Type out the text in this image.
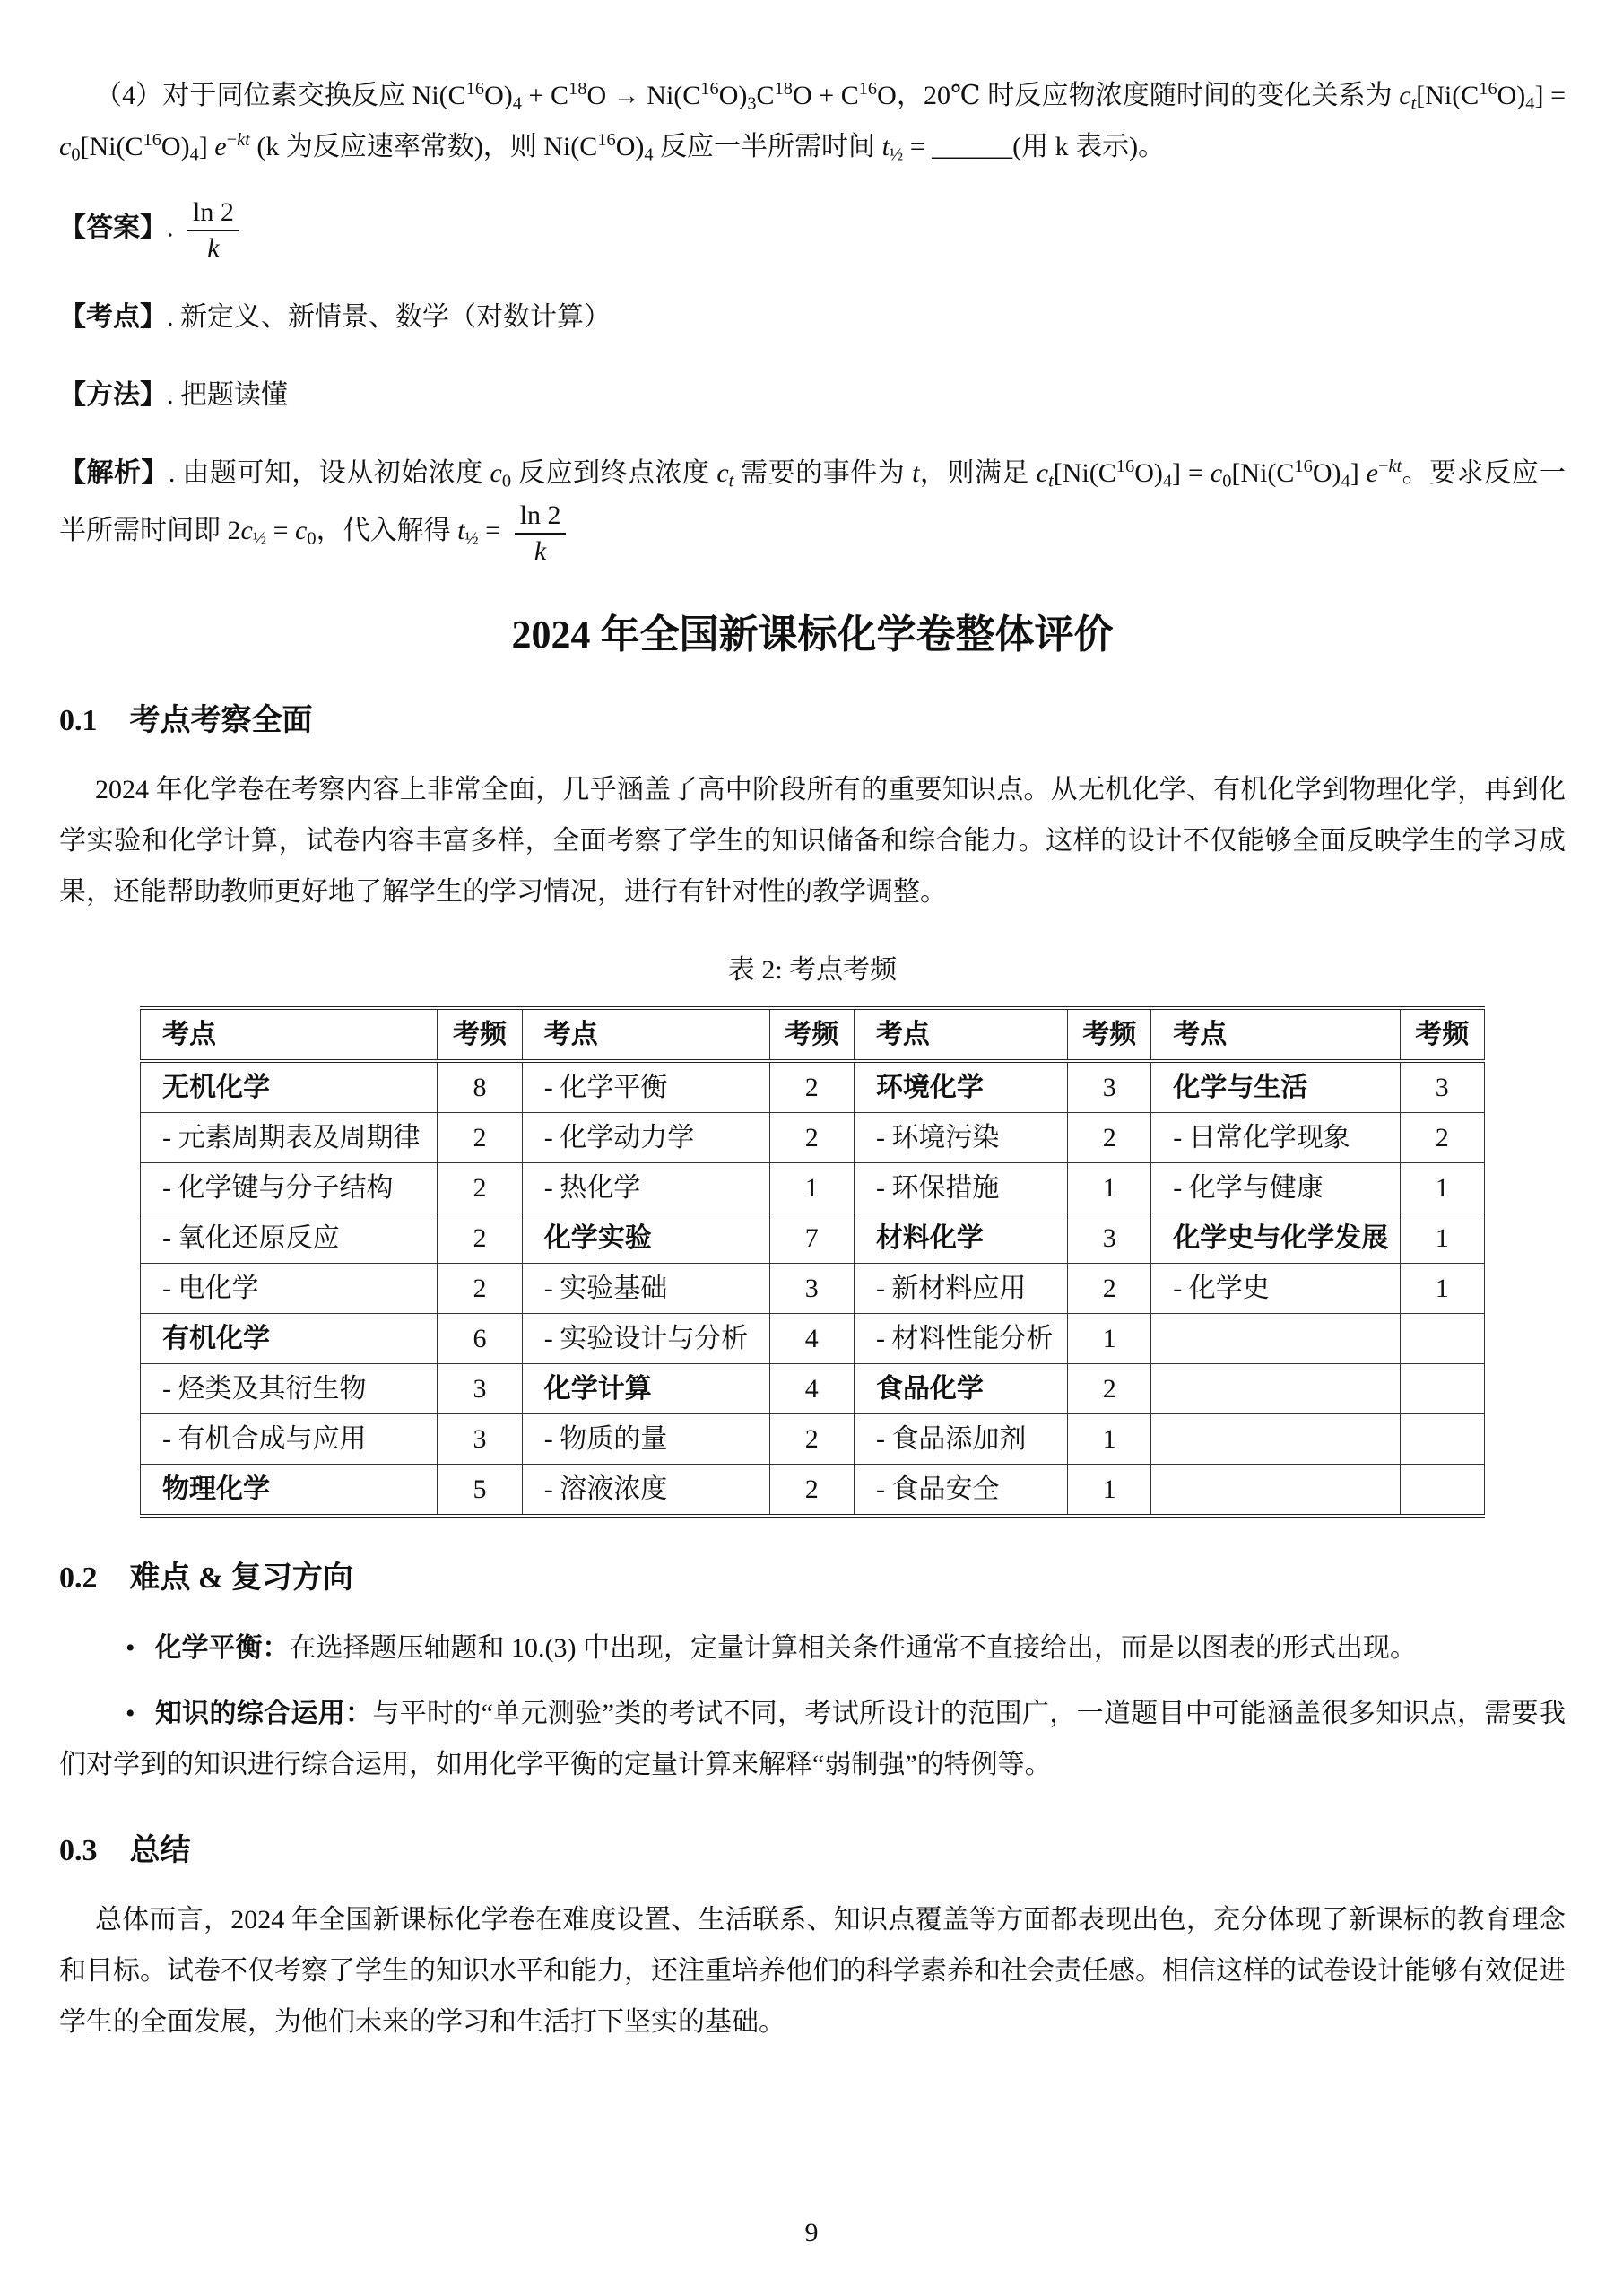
（4）对于同位素交换反应 $Ni(C^{16}O)_4 + C^{18}O \to Ni(C^{16}O)_3C^{18}O + C^{16}O$，20℃ 时反应物浓度随时间的变化关系为 $c_t[Ni(C^{16}O)_4] = c_0[Ni(C^{16}O)_4]$ $e^{-kt}$ (k 为反应速率常数)，则 $Ni(C^{16}O)_4$ 反应一半所需时间 $t_{\frac{1}{2}}$ = ______(用 k 表示)。

【答案】. $\frac{\ln 2}{k}$

【考点】. 新定义、新情景、数学（对数计算）

【方法】. 把题读懂

【解析】. 由题可知，设从初始浓度 $c_0$ 反应到终点浓度 $c_t$ 需要的事件为 t，则满足 $c_t[Ni(C^{16}O)_4] = c_0[Ni(C^{16}O)_4]$ $e^{-kt}$。要求反应一半所需时间即 $2c_{\frac{1}{2}} = c_0$，代入解得 $t_{\frac{1}{2}} = \frac{\ln 2}{k}$

2024 年全国新课标化学卷整体评价
0.1 考点考察全面

2024 年化学卷在考察内容上非常全面，几乎涵盖了高中阶段所有的重要知识点。从无机化学、有机化学到物理化学，再到化学实验和化学计算，试卷内容丰富多样，全面考察了学生的知识储备和综合能力。这样的设计不仅能够全面反映学生的学习成果，还能帮助教师更好地了解学生的学习情况，进行有针对性的教学调整。

表 2: 考点考频
考点	考频	考点	考频	考点	考频	考点	考频
无机化学	8	- 化学平衡	2	环境化学	3	化学与生活	3
- 元素周期表及周期律	2	- 化学动力学	2	- 环境污染	2	- 日常化学现象	2
- 化学键与分子结构	2	- 热化学	1	- 环保措施	1	- 化学与健康	1
- 氧化还原反应	2	化学实验	7	材料化学	3	化学史与化学发展	1
- 电化学	2	- 实验基础	3	- 新材料应用	2	- 化学史	1
有机化学	6	- 实验设计与分析	4	- 材料性能分析	1		
- 烃类及其衍生物	3	化学计算	4	食品化学	2		
- 有机合成与应用	3	- 物质的量	2	- 食品添加剂	1		
物理化学	5	- 溶液浓度	2	- 食品安全	1		
0.2 难点 & 复习方向

• 化学平衡：在选择题压轴题和 10.(3) 中出现，定量计算相关条件通常不直接给出，而是以图表的形式出现。

• 知识的综合运用：与平时的“单元测验”类的考试不同，考试所设计的范围广，一道题目中可能涵盖很多知识点，需要我们对学到的知识进行综合运用，如用化学平衡的定量计算来解释“弱制强”的特例等。

0.3 总结

总体而言，2024 年全国新课标化学卷在难度设置、生活联系、知识点覆盖等方面都表现出色，充分体现了新课标的教育理念和目标。试卷不仅考察了学生的知识水平和能力，还注重培养他们的科学素养和社会责任感。相信这样的试卷设计能够有效促进学生的全面发展，为他们未来的学习和生活打下坚实的基础。

9
